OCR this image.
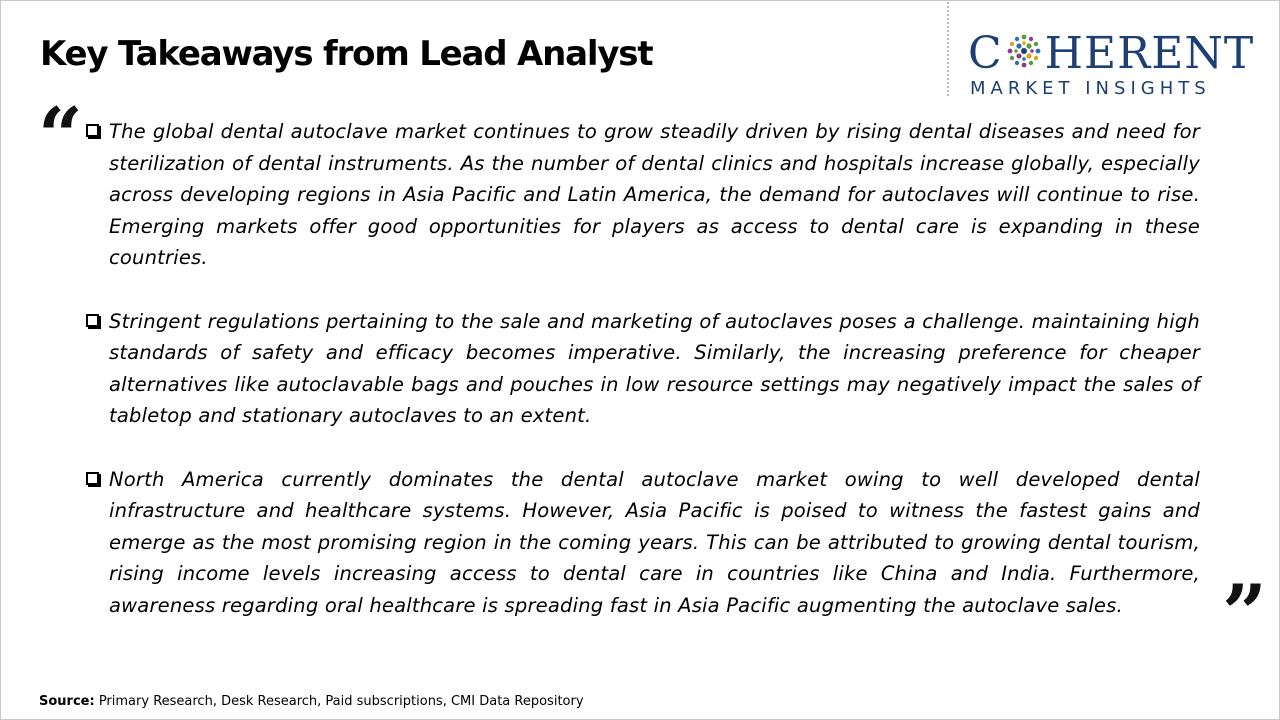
Key Takeaways from Lead Analyst	C HERENT
MARKET INSIGHTS
“
”

The global dental autoclave market continues to grow steadily driven by rising dental diseases and need for sterilization of dental instruments. As the number of dental clinics and hospitals increase globally, especially across developing regions in Asia Pacific and Latin America, the demand for autoclaves will continue to rise. Emerging markets offer good opportunities for players as access to dental care is expanding in these countries.

Stringent regulations pertaining to the sale and marketing of autoclaves poses a challenge. maintaining high standards of safety and efficacy becomes imperative. Similarly, the increasing preference for cheaper alternatives like autoclavable bags and pouches in low resource settings may negatively impact the sales of tabletop and stationary autoclaves to an extent.

North America currently dominates the dental autoclave market owing to well developed dental infrastructure and healthcare systems. However, Asia Pacific is poised to witness the fastest gains and emerge as the most promising region in the coming years. This can be attributed to growing dental tourism, rising income levels increasing access to dental care in countries like China and India. Furthermore, awareness regarding oral healthcare is spreading fast in Asia Pacific augmenting the autoclave sales.

Source: Primary Research, Desk Research, Paid subscriptions, CMI Data Repository
